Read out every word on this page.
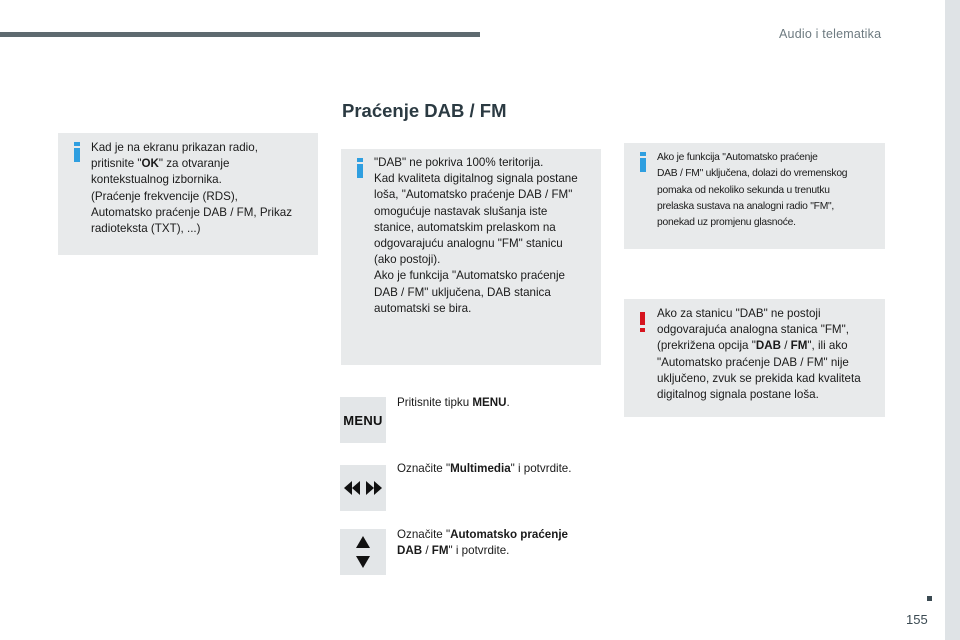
Audio i telematika
155
Praćenje DAB / FM
Kad je na ekranu prikazan radio,
pritisnite "OK" za otvaranje
kontekstualnog izbornika.
(Praćenje frekvencije (RDS),
Automatsko praćenje DAB / FM, Prikaz
radioteksta (TXT), ...)
"DAB" ne pokriva 100% teritorija.
Kad kvaliteta digitalnog signala postane
loša, "Automatsko praćenje DAB / FM"
omogućuje nastavak slušanja iste
stanice, automatskim prelaskom na
odgovarajuću analognu "FM" stanicu
(ako postoji).
Ako je funkcija "Automatsko praćenje
DAB / FM" uključena, DAB stanica
automatski se bira.
Ako je funkcija "Automatsko praćenje
DAB / FM" uključena, dolazi do vremenskog
pomaka od nekoliko sekunda u trenutku
prelaska sustava na analogni radio "FM",
ponekad uz promjenu glasnoće.
Ako za stanicu "DAB" ne postoji
odgovarajuća analogna stanica "FM",
(prekrižena opcija "DAB / FM", ili ako
"Automatsko praćenje DAB / FM" nije
uključeno, zvuk se prekida kad kvaliteta
digitalnog signala postane loša.
MENU
Pritisnite tipku MENU.
Označite "Multimedia" i potvrdite.
Označite "Automatsko praćenje
DAB / FM" i potvrdite.
